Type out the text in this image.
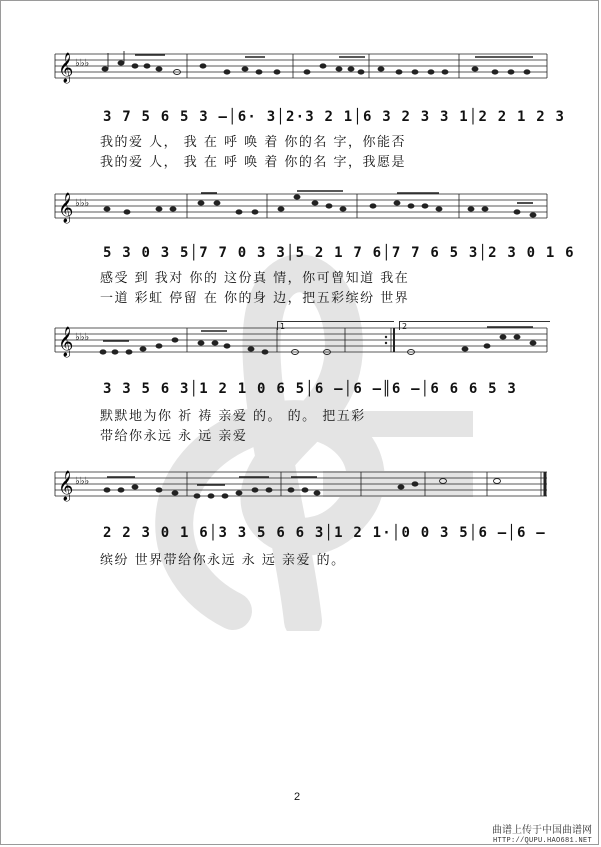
𝄞 ♭♭♭
3 7 5 6 5 3 –│6· 3│2·3 2 1│6 3 2 3 3 1│2 2 1 2 3
我的爱 人， 我 在 呼 唤 着 你的名 字，你能否
我的爱 人， 我 在 呼 唤 着 你的名 字，我愿是
𝄞 ♭♭♭
5 3 0 3 5│7 7 0 3 3│5 2 1 7 6│7 7 6 5 3│2 3 0 1 6
感受 到 我对 你的 这份真 情，你可曾知道 我在
一道 彩虹 停留 在 你的身 边，把五彩缤纷 世界
1	2
𝄞 ♭♭♭
3 3 5 6 3│1 2 1 0 6 5│6 –│6 –║6 –│6 6 6 5 3
默默地为你 祈 祷 亲爱 的。 的。 把五彩
带给你永远 永 远 亲爱
𝄞 ♭♭♭
2 2 3 0 1 6│3 3 5 6 6 3│1 2 1·│0 0 3 5│6 –│6 –
缤纷 世界带给你永远 永 远 亲爱 的。
2
曲谱上传于中国曲谱网
HTTP://QUPU.HAO681.NET
